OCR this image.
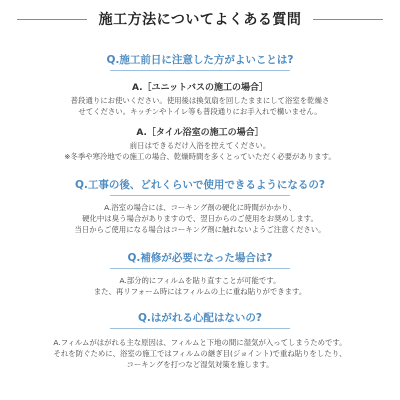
施工方法についてよくある質問
Q.施工前日に注意した方がよいことは?
A.［ユニットバスの施工の場合］
普段通りにお使いください。使用後は換気扇を回したままにして浴室を乾燥さ
せてください。キッチンやトイレ等も普段通りにお手入れで構いません。
A.［タイル浴室の施工の場合］
前日はできるだけ入浴を控えてください。
※冬季や寒冷地での施工の場合、乾燥時間を多くとっていただく必要があります。
Q.工事の後、どれくらいで使用できるようになるの?
A.浴室の場合には、コーキング剤の硬化に時間がかかり、
硬化中は臭う場合がありますので、翌日からのご使用をお奨めします。
当日からご使用になる場合はコーキング剤に触れないようご注意ください。
Q.補修が必要になった場合は?
A.部分的にフィルムを貼り直すことが可能です。
また、再リフォーム時にはフィルムの上に重ね貼りができます。
Q.はがれる心配はないの?
A.フィルムがはがれる主な原因は、フィルムと下地の間に湿気が入ってしまうためです。
それを防ぐために、浴室の施工ではフィルムの継ぎ目(ジョイント)で重ね貼りをしたり、
コーキングを打つなど湿気対策を施します。
